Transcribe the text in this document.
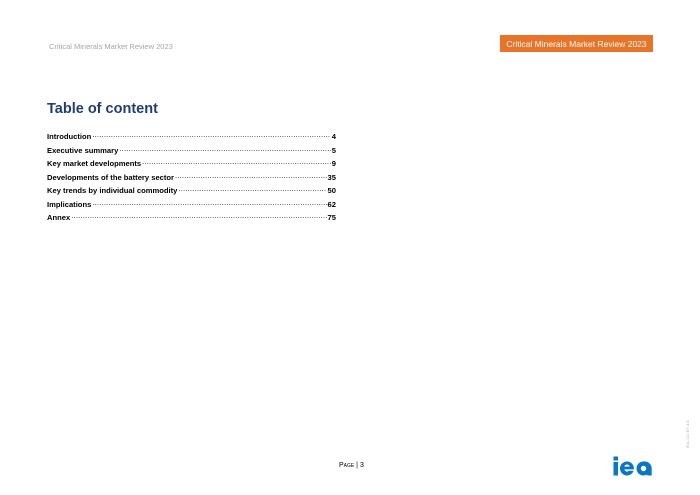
Critical Minerals Market Review 2023	Critical Minerals Market Review 2023
Table of content
Introduction .....	4
Executive summary .....	5
Key market developments .....	9
Developments of the battery sector .....	35
Key trends by individual commodity .....	50
Implications .....	62
Annex .....	75
Page | 3
IEA. CC BY 4.0.
